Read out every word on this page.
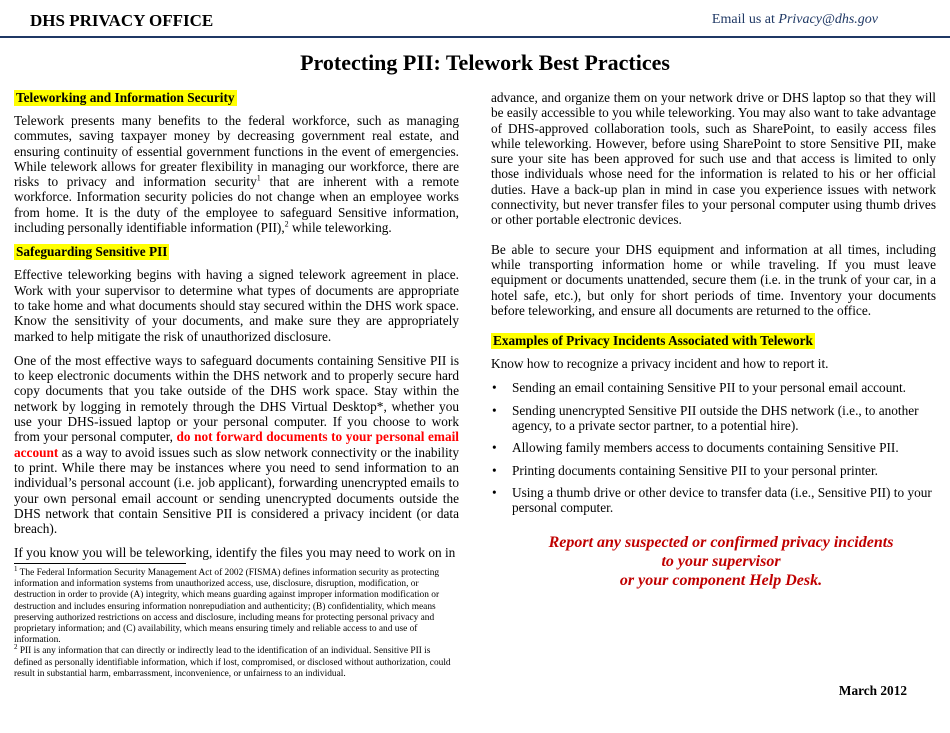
DHS PRIVACY OFFICE	Email us at Privacy@dhs.gov
Protecting PII: Telework Best Practices
Teleworking and Information Security

Telework presents many benefits to the federal workforce, such as managing commutes, saving taxpayer money by decreasing government real estate, and ensuring continuity of essential government functions in the event of emergencies. While telework allows for greater flexibility in managing our workforce, there are risks to privacy and information security$^1$ that are inherent with a remote workforce. Information security policies do not change when an employee works from home. It is the duty of the employee to safeguard Sensitive information, including personally identifiable information (PII),$^2$ while teleworking.

Safeguarding Sensitive PII

Effective teleworking begins with having a signed telework agreement in place. Work with your supervisor to determine what types of documents are appropriate to take home and what documents should stay secured within the DHS work space. Know the sensitivity of your documents, and make sure they are appropriately marked to help mitigate the risk of unauthorized disclosure.

One of the most effective ways to safeguard documents containing Sensitive PII is to keep electronic documents within the DHS network and to properly secure hard copy documents that you take outside of the DHS work space. Stay within the network by logging in remotely through the DHS Virtual Desktop*, whether you use your DHS-issued laptop or your personal computer. If you choose to work from your personal computer, do not forward documents to your personal email account as a way to avoid issues such as slow network connectivity or the inability to print. While there may be instances where you need to send information to an individual’s personal account (i.e. job applicant), forwarding unencrypted emails to your own personal email account or sending unencrypted documents outside the DHS network that contain Sensitive PII is considered a privacy incident (or data breach).

If you know you will be teleworking, identify the files you may need to work on in

$^1$ The Federal Information Security Management Act of 2002 (FISMA) defines information security as protecting information and information systems from unauthorized access, use, disclosure, disruption, modification, or destruction in order to provide (A) integrity, which means guarding against improper information modification or destruction and includes ensuring information nonrepudiation and authenticity; (B) confidentiality, which means preserving authorized restrictions on access and disclosure, including means for protecting personal privacy and proprietary information; and (C) availability, which means ensuring timely and reliable access to and use of information.

$^2$ PII is any information that can directly or indirectly lead to the identification of an individual. Sensitive PII is defined as personally identifiable information, which if lost, compromised, or disclosed without authorization, could result in substantial harm, embarrassment, inconvenience, or unfairness to an individual.

advance, and organize them on your network drive or DHS laptop so that they will be easily accessible to you while teleworking. You may also want to take advantage of DHS-approved collaboration tools, such as SharePoint, to easily access files while teleworking. However, before using SharePoint to store Sensitive PII, make sure your site has been approved for such use and that access is limited to only those individuals whose need for the information is related to his or her official duties. Have a back-up plan in mind in case you experience issues with network connectivity, but never transfer files to your personal computer using thumb drives or other portable electronic devices.

Be able to secure your DHS equipment and information at all times, including while transporting information home or while traveling. If you must leave equipment or documents unattended, secure them (i.e. in the trunk of your car, in a hotel safe, etc.), but only for short periods of time. Inventory your documents before teleworking, and ensure all documents are returned to the office.

Examples of Privacy Incidents Associated with Telework

Know how to recognize a privacy incident and how to report it.

• Sending an email containing Sensitive PII to your personal email account.
• Sending unencrypted Sensitive PII outside the DHS network (i.e., to another agency, to a private sector partner, to a potential hire).
• Allowing family members access to documents containing Sensitive PII.
• Printing documents containing Sensitive PII to your personal printer.
• Using a thumb drive or other device to transfer data (i.e., Sensitive PII) to your personal computer.
Report any suspected or confirmed privacy incidents
to your supervisor
or your component Help Desk.
March 2012
